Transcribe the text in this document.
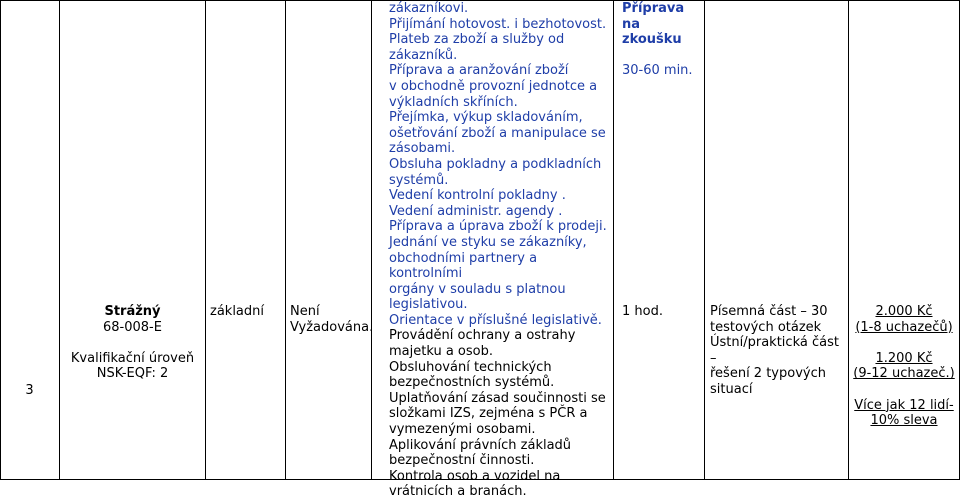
3
Strážný
68-008-E
Kvalifikační úroveň
NSK-EQF: 2
základní	Není Vyžadována.
zákazníkovi.
Přijímání hotovost. i bezhotovost.
Plateb za zboží a služby od
zákazníků.
Příprava a aranžování zboží
v obchodně provozní jednotce a
výkladních skříních.
Přejímka, výkup skladováním,
ošetřování zboží a manipulace se
zásobami.
Obsluha pokladny a podkladních
systémů.
Vedení kontrolní pokladny .
Vedení administr. agendy .
Příprava a úprava zboží k prodeji.
Jednání ve styku se zákazníky,
obchodními partnery a kontrolními
orgány v souladu s platnou
legislativou.
Orientace v příslušné legislativě.
Provádění ochrany a ostrahy
majetku a osob.
Obsluhování technických
bezpečnostních systémů.
Uplatňování zásad součinnosti se
složkami IZS, zejména s PČR a
vymezenými osobami.
Aplikování právních základů
bezpečnostní činnosti.
Kontrola osob a vozidel na
vrátnicích a branách.
Příprava na
zkoušku
30-60 min.
1 hod.	Písemná část – 30
testových otázek
Ústní/praktická část –
řešení 2 typových
situací
2.000 Kč
(1-8 uchazečů)
1.200 Kč
(9-12 uchazeč.)
Více jak 12 lidí-
10% sleva
